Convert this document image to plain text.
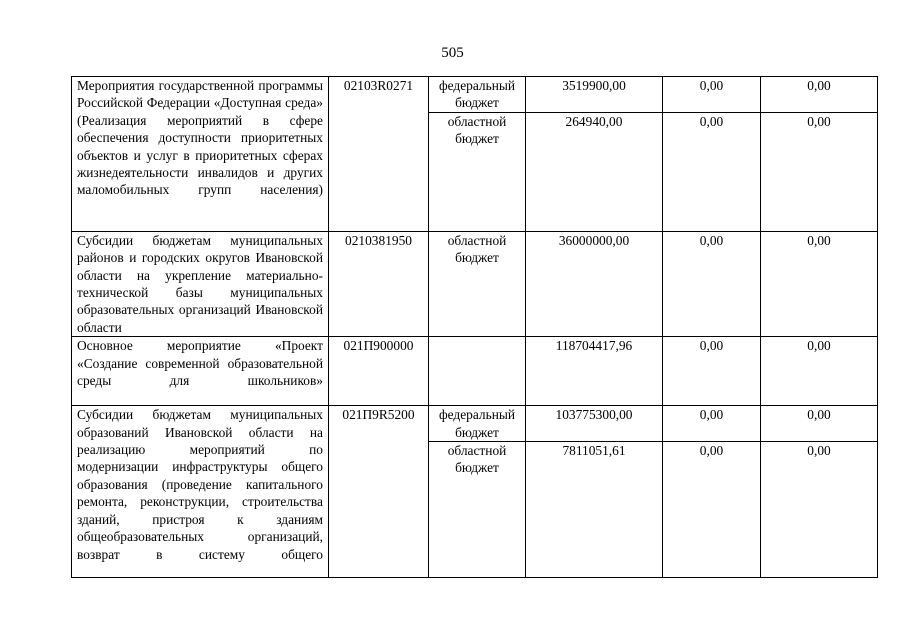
505
Мероприятия государственной программы Российской Федерации «Доступная среда» (Реализация мероприятий в сфере обеспечения доступности приоритетных объектов и услуг в приоритетных сферах жизнедеятельности инвалидов и других маломобильных групп населения)	02103R0271	федеральный бюджет	3519900,00	0,00	0,00
		областной бюджет	264940,00	0,00	0,00

Субсидии бюджетам муниципальных районов и городских округов Ивановской области на укрепление материально-технической базы муниципальных образовательных организаций Ивановской области	0210381950	областной бюджет	36000000,00	0,00	0,00

Основное мероприятие «Проект «Создание современной образовательной среды для школьников»	021П900000		118704417,96	0,00	0,00

Субсидии бюджетам муниципальных образований Ивановской области на реализацию мероприятий по модернизации инфраструктуры общего образования (проведение капитального ремонта, реконструкции, строительства зданий, пристроя к зданиям общеобразовательных организаций, возврат в систему общего	021П9R5200	федеральный бюджет	103775300,00	0,00	0,00
		областной бюджет	7811051,61	0,00	0,00
